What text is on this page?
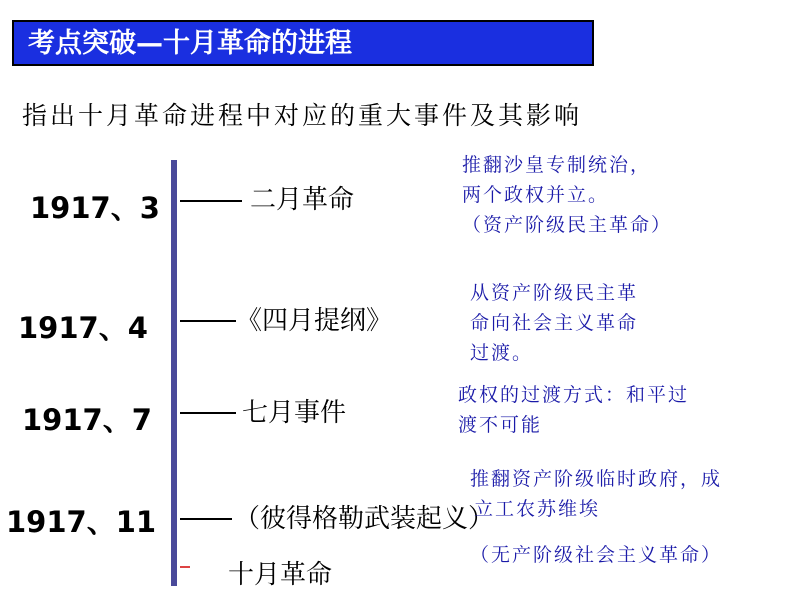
考点突破—十月革命的进程
指出十月革命进程中对应的重大事件及其影响
1917、3	二月革命
推翻沙皇专制统治，
两个政权并立。
（资产阶级民主革命）
1917、4	《四月提纲》
从资产阶级民主革
命向社会主义革命
过渡。
1917、7	七月事件
政权的过渡方式：和平过
渡不可能
1917、11	（彼得格勒武装起义）
十月革命
推翻资产阶级临时政府，成
立工农苏维埃
（无产阶级社会主义革命）
